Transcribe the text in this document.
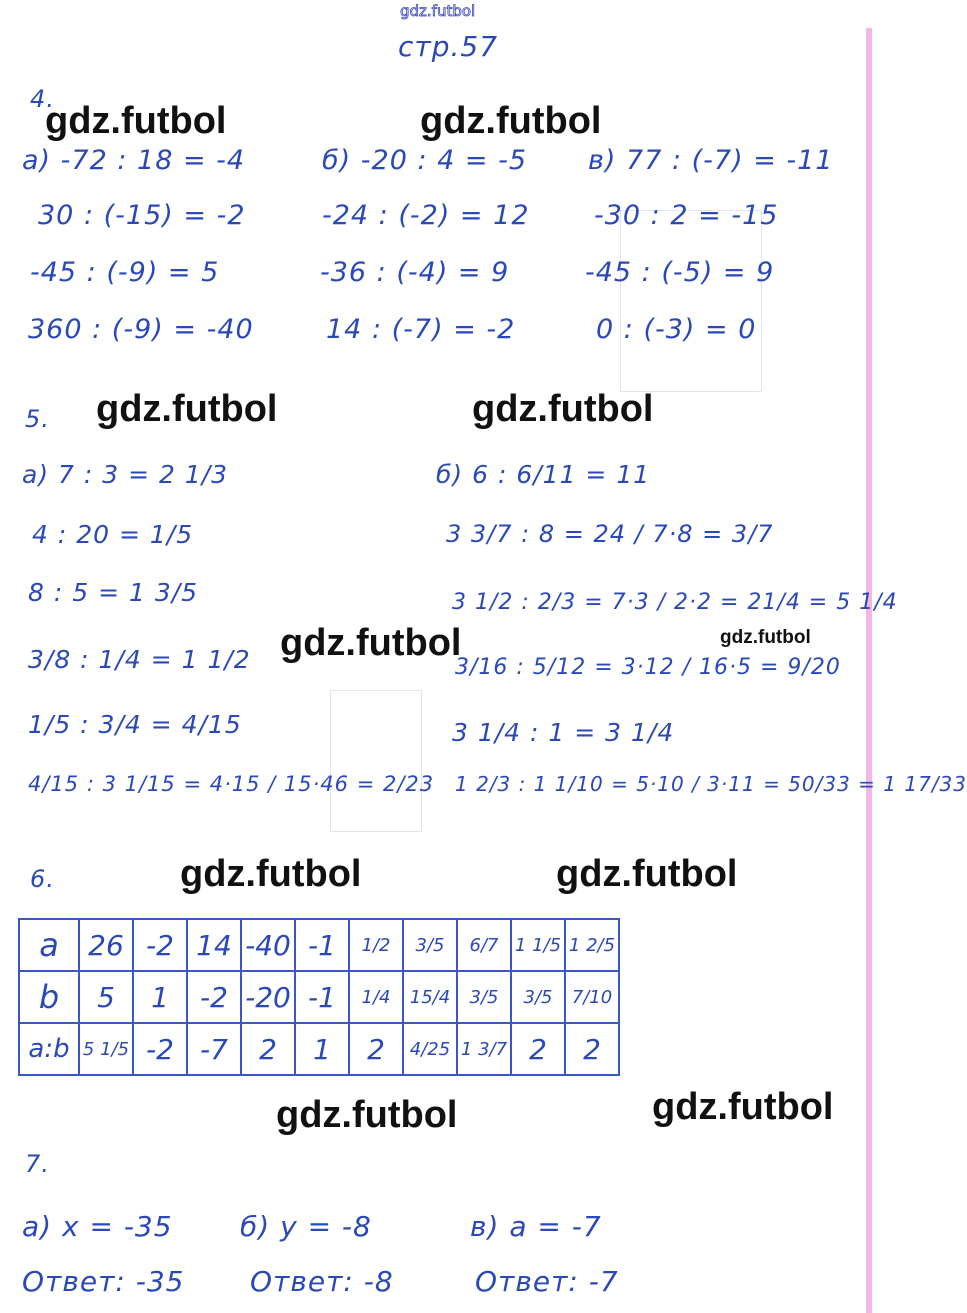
gdz.futbol
стр.57
4.
gdz.futbol	gdz.futbol
а) -72 : 18 = -4
30 : (-15) = -2
-45 : (-9) = 5
360 : (-9) = -40
б) -20 : 4 = -5
-24 : (-2) = 12
-36 : (-4) = 9
14 : (-7) = -2
в) 77 : (-7) = -11
-30 : 2 = -15
-45 : (-5) = 9
0 : (-3) = 0
5. gdz.futbol	gdz.futbol
а) 7 : 3 = 2 1/3
4 : 20 = 1/5
8 : 5 = 1 3/5
3/8 : 1/4 = 1 1/2
1/5 : 3/4 = 4/15
4/15 : 3 1/15 = 4·15 / 15·46 = 2/23
gdz.futbol
б) 6 : 6/11 = 11
3 3/7 : 8 = 24 / 7·8 = 3/7
3 1/2 : 2/3 = 7·3 / 2·2 = 21/4 = 5 1/4
gdz.futbol
3/16 : 5/12 = 3·12 / 16·5 = 9/20
3 1/4 : 1 = 3 1/4
1 2/3 : 1 1/10 = 5·10 / 3·11 = 50/33 = 1 17/33
6.	gdz.futbol	gdz.futbol
a	26	-2	14	-40	-1	1/2	3/5	6/7	1 1/5	1 2/5
b	5	1	-2	-20	-1	1/4	15/4	3/5	3/5	7/10
a:b	5 1/5	-2	-7	2	1	2	4/25	1 3/7	2	2
gdz.futbol	gdz.futbol
7.
а) x = -35 б) y = -8	в) a = -7
Ответ: -35 Ответ: -8	Ответ: -7
